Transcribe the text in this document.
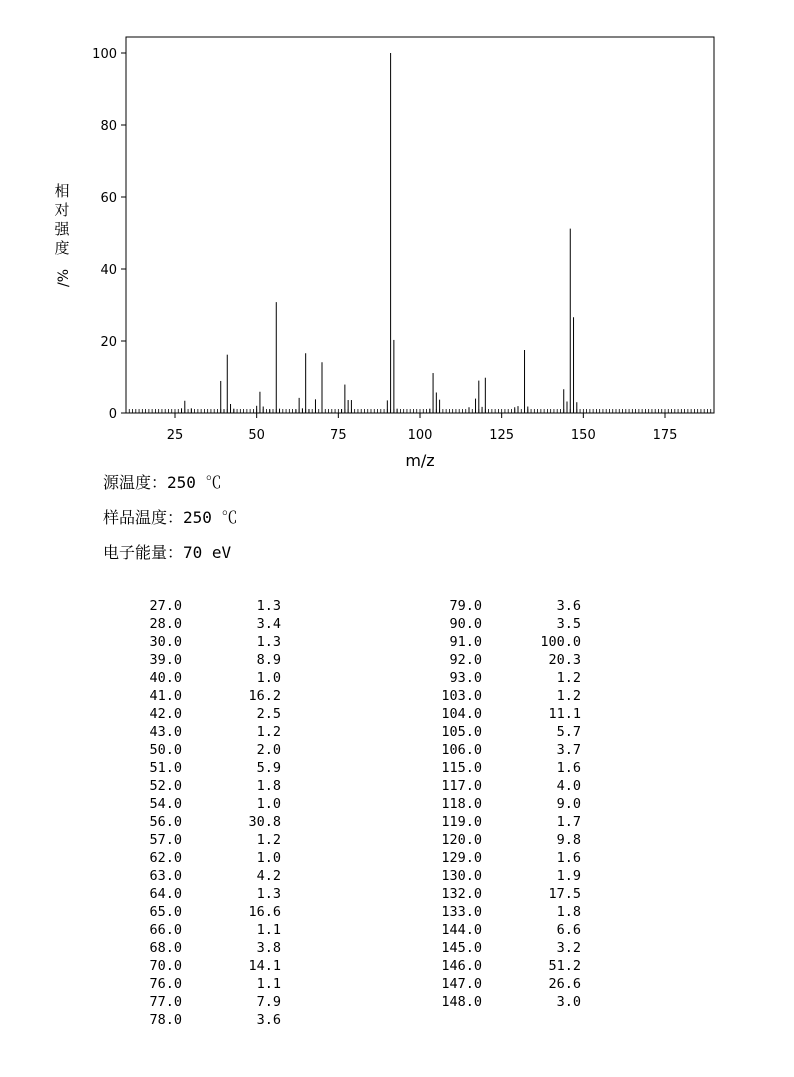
25	50	75	100	125	150	175
0
20
40
60
80
100
m/z
相对强度
/%
源温度：250 ℃
样品温度：250 ℃
电子能量：70 eV
27.0	1.3
28.0	3.4
30.0	1.3
39.0	8.9
40.0	1.0
41.0	16.2
42.0	2.5
43.0	1.2
50.0	2.0
51.0	5.9
52.0	1.8
54.0	1.0
56.0	30.8
57.0	1.2
62.0	1.0
63.0	4.2
64.0	1.3
65.0	16.6
66.0	1.1
68.0	3.8
70.0	14.1
76.0	1.1
77.0	7.9
78.0	3.6
79.0	3.6
90.0	3.5
91.0	100.0
92.0	20.3
93.0	1.2
103.0	1.2
104.0	11.1
105.0	5.7
106.0	3.7
115.0	1.6
117.0	4.0
118.0	9.0
119.0	1.7
120.0	9.8
129.0	1.6
130.0	1.9
132.0	17.5
133.0	1.8
144.0	6.6
145.0	3.2
146.0	51.2
147.0	26.6
148.0	3.0
